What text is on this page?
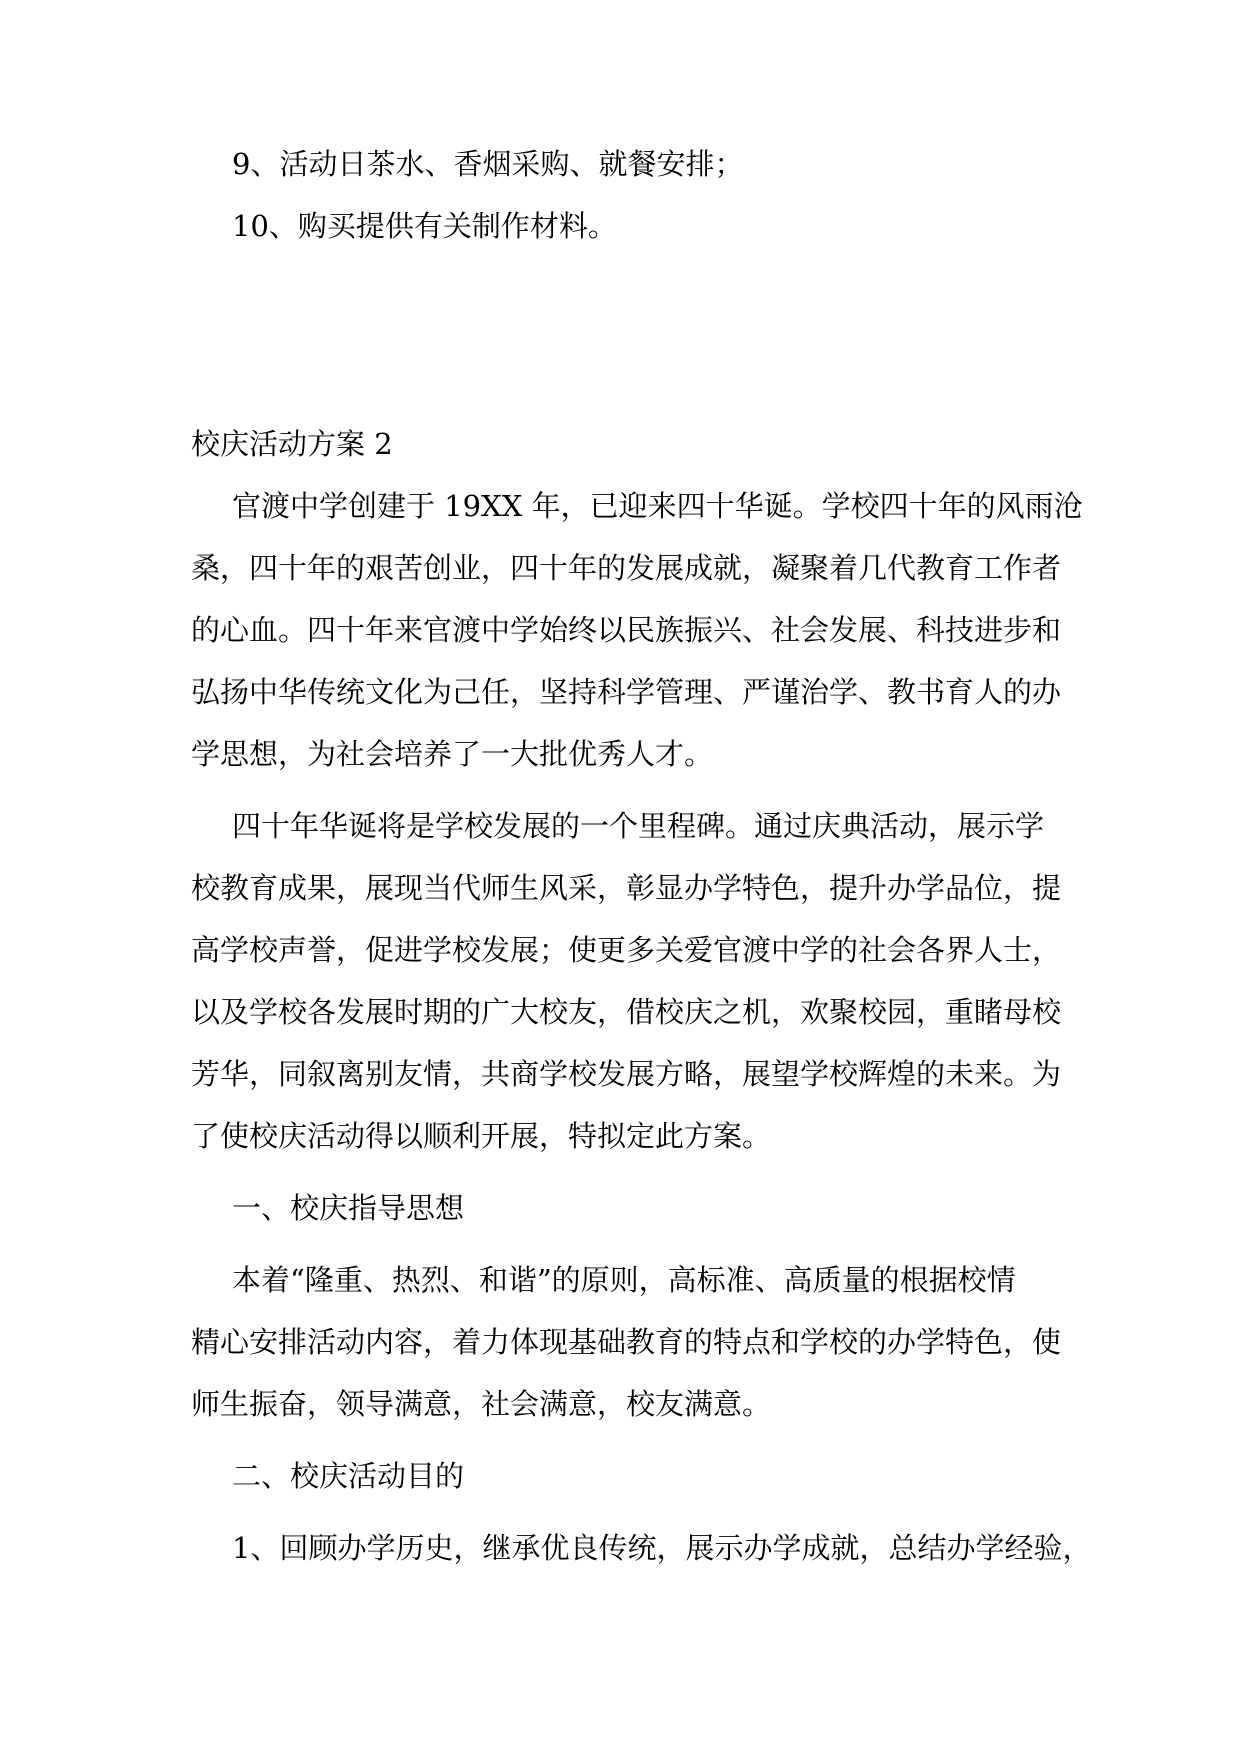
9、活动日茶水、香烟采购、就餐安排；
10、购买提供有关制作材料。
校庆活动方案 2
官渡中学创建于 19XX 年，已迎来四十华诞。学校四十年的风雨沧
桑，四十年的艰苦创业，四十年的发展成就，凝聚着几代教育工作者
的心血。四十年来官渡中学始终以民族振兴、社会发展、科技进步和
弘扬中华传统文化为己任，坚持科学管理、严谨治学、教书育人的办
学思想，为社会培养了一大批优秀人才。
四十年华诞将是学校发展的一个里程碑。通过庆典活动，展示学
校教育成果，展现当代师生风采，彰显办学特色，提升办学品位，提
高学校声誉，促进学校发展；使更多关爱官渡中学的社会各界人士，
以及学校各发展时期的广大校友，借校庆之机，欢聚校园，重睹母校
芳华，同叙离别友情，共商学校发展方略，展望学校辉煌的未来。为
了使校庆活动得以顺利开展，特拟定此方案。
一、校庆指导思想
本着“隆重、热烈、和谐”的原则，高标准、高质量的根据校情
精心安排活动内容，着力体现基础教育的特点和学校的办学特色，使
师生振奋，领导满意，社会满意，校友满意。
二、校庆活动目的
1、回顾办学历史，继承优良传统，展示办学成就，总结办学经验，
